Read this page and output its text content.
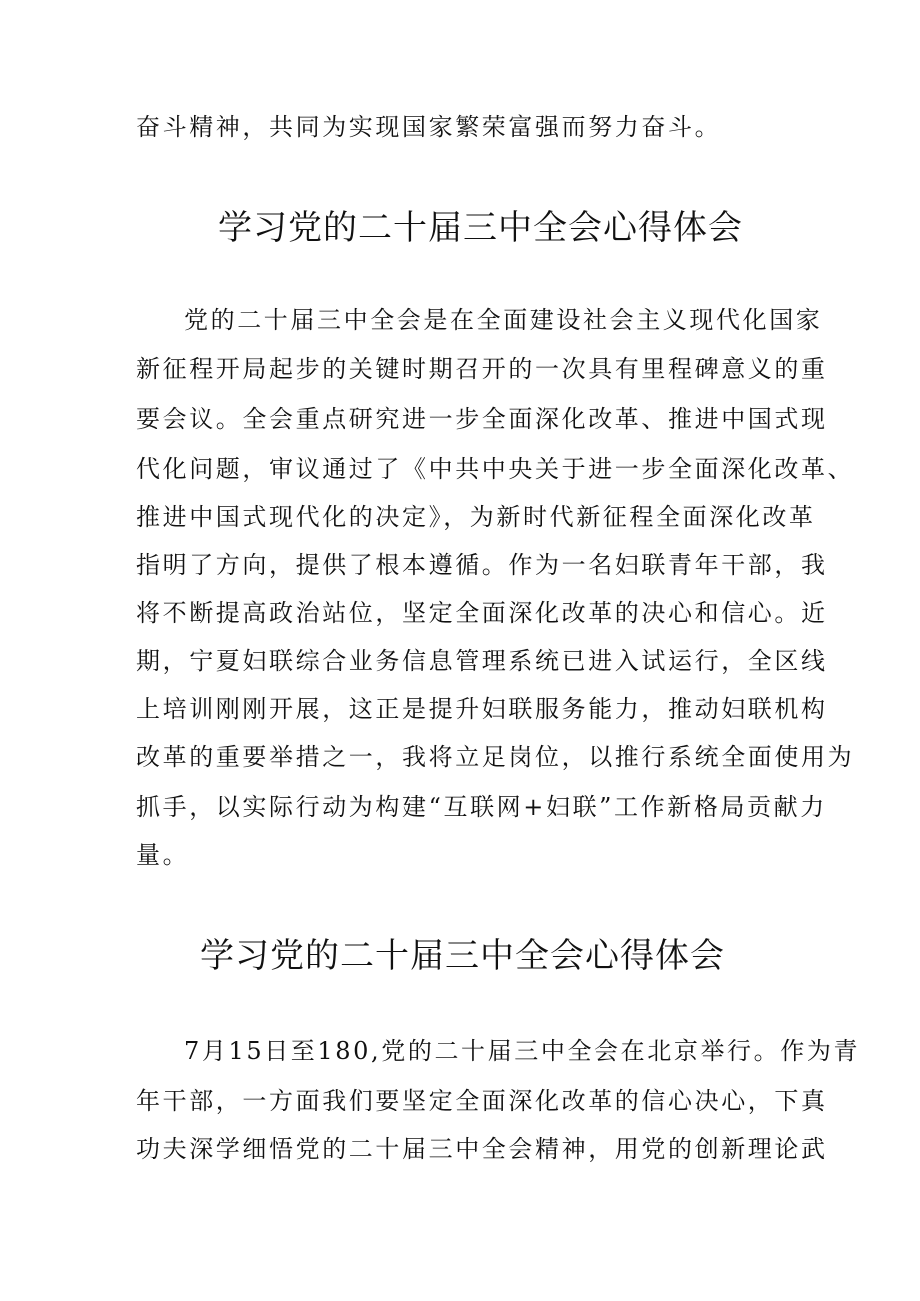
奋斗精神，共同为实现国家繁荣富强而努力奋斗。
学习党的二十届三中全会心得体会
党的二十届三中全会是在全面建设社会主义现代化国家
新征程开局起步的关键时期召开的一次具有里程碑意义的重
要会议。全会重点研究进一步全面深化改革、推进中国式现
代化问题，审议通过了《中共中央关于进一步全面深化改革、
推进中国式现代化的决定》，为新时代新征程全面深化改革
指明了方向，提供了根本遵循。作为一名妇联青年干部，我
将不断提高政治站位，坚定全面深化改革的决心和信心。近
期，宁夏妇联综合业务信息管理系统已进入试运行，全区线
上培训刚刚开展，这正是提升妇联服务能力，推动妇联机构
改革的重要举措之一，我将立足岗位，以推行系统全面使用为
抓手，以实际行动为构建“互联网+妇联”工作新格局贡献力
量。
学习党的二十届三中全会心得体会
7月15日至180,党的二十届三中全会在北京举行。作为青
年干部，一方面我们要坚定全面深化改革的信心决心，下真
功夫深学细悟党的二十届三中全会精神，用党的创新理论武
